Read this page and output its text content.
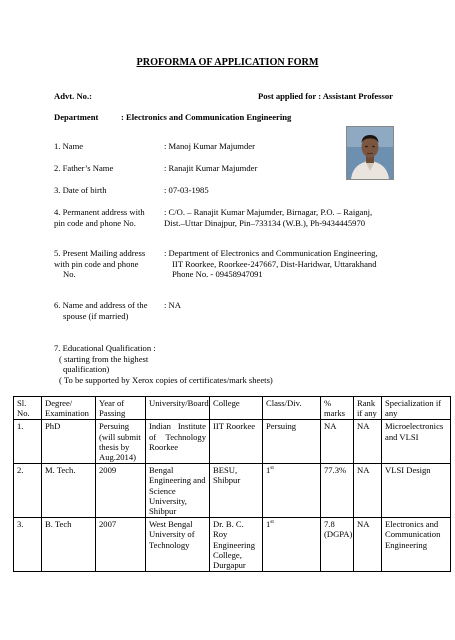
PROFORMA OF APPLICATION FORM
Advt. No.:	Post applied for : Assistant Professor
Department	: Electronics and Communication Engineering
1. Name	: Manoj Kumar Majumder
2. Father’s Name	: Ranajit Kumar Majumder
3. Date of birth	: 07-03-1985
4. Permanent address with
pin code and phone No.
: C/O. – Ranajit Kumar Majumder, Birnagar, P.O. – Raiganj,
Dist.–Uttar Dinajpur, Pin–733134 (W.B.), Ph-9434445970
5. Present Mailing address
with pin code and phone
No.
: Department of Electronics and Communication Engineering,
IIT Roorkee, Roorkee-247667, Dist-Haridwar, Uttarakhand
Phone No. - 09458947091
6. Name and address of the
spouse (if married)
: NA
7. Educational Qualification :
( starting from the highest
qualification)
( To be supported by Xerox copies of certificates/mark sheets)
Sl. No.	Degree/ Examination	Year of Passing	University/Board	College	Class/Div.	% marks	Rank if any	Specialization if any
1.	PhD	Persuing (will submit thesis by Aug.2014)	Indian Institute of Technology Roorkee	IIT Roorkee	Persuing	NA	NA	Microelectronics and VLSI
2.	M. Tech.	2009	Bengal Engineering and Science University, Shibpur	BESU, Shibpur	1st	77.3%	NA	VLSI Design
3.	B. Tech	2007	West Bengal University of Technology	Dr. B. C. Roy Engineering College, Durgapur	1st	7.8 (DGPA)	NA	Electronics and Communication Engineering
